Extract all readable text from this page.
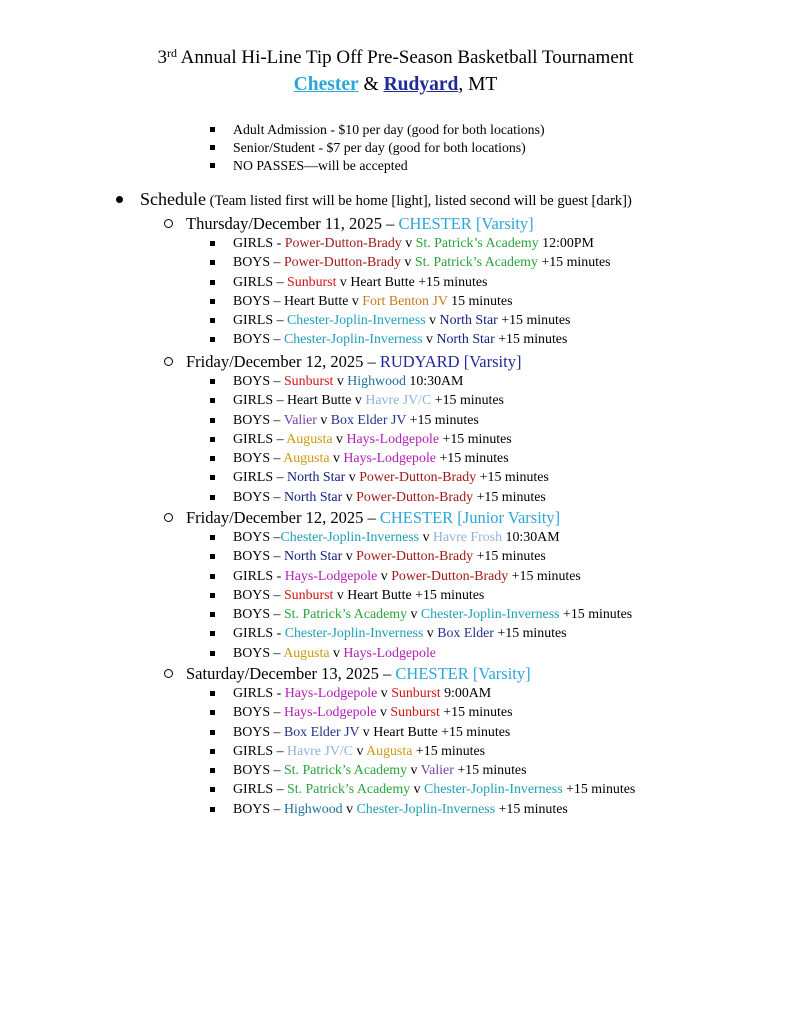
3rd Annual Hi-Line Tip Off Pre-Season Basketball Tournament
Chester & Rudyard, MT
Adult Admission - $10 per day (good for both locations)
Senior/Student - $7 per day (good for both locations)
NO PASSES—will be accepted
Schedule (Team listed first will be home [light], listed second will be guest [dark])
Thursday/December 11, 2025 – CHESTER [Varsity]
GIRLS - Power-Dutton-Brady v St. Patrick’s Academy 12:00PM
BOYS – Power-Dutton-Brady v St. Patrick’s Academy +15 minutes
GIRLS – Sunburst v Heart Butte +15 minutes
BOYS – Heart Butte v Fort Benton JV 15 minutes
GIRLS – Chester-Joplin-Inverness v North Star +15 minutes
BOYS – Chester-Joplin-Inverness v North Star +15 minutes
Friday/December 12, 2025 – RUDYARD [Varsity]
BOYS – Sunburst v Highwood 10:30AM
GIRLS – Heart Butte v Havre JV/C +15 minutes
BOYS – Valier v Box Elder JV +15 minutes
GIRLS – Augusta v Hays-Lodgepole +15 minutes
BOYS – Augusta v Hays-Lodgepole +15 minutes
GIRLS – North Star v Power-Dutton-Brady +15 minutes
BOYS – North Star v Power-Dutton-Brady +15 minutes
Friday/December 12, 2025 – CHESTER [Junior Varsity]
BOYS –Chester-Joplin-Inverness v Havre Frosh 10:30AM
BOYS – North Star v Power-Dutton-Brady +15 minutes
GIRLS - Hays-Lodgepole v Power-Dutton-Brady +15 minutes
BOYS – Sunburst v Heart Butte +15 minutes
BOYS – St. Patrick’s Academy v Chester-Joplin-Inverness +15 minutes
GIRLS - Chester-Joplin-Inverness v Box Elder +15 minutes
BOYS – Augusta v Hays-Lodgepole
Saturday/December 13, 2025 – CHESTER [Varsity]
GIRLS - Hays-Lodgepole v Sunburst 9:00AM
BOYS – Hays-Lodgepole v Sunburst +15 minutes
BOYS – Box Elder JV v Heart Butte +15 minutes
GIRLS – Havre JV/C v Augusta +15 minutes
BOYS – St. Patrick’s Academy v Valier +15 minutes
GIRLS – St. Patrick’s Academy v Chester-Joplin-Inverness +15 minutes
BOYS – Highwood v Chester-Joplin-Inverness +15 minutes
